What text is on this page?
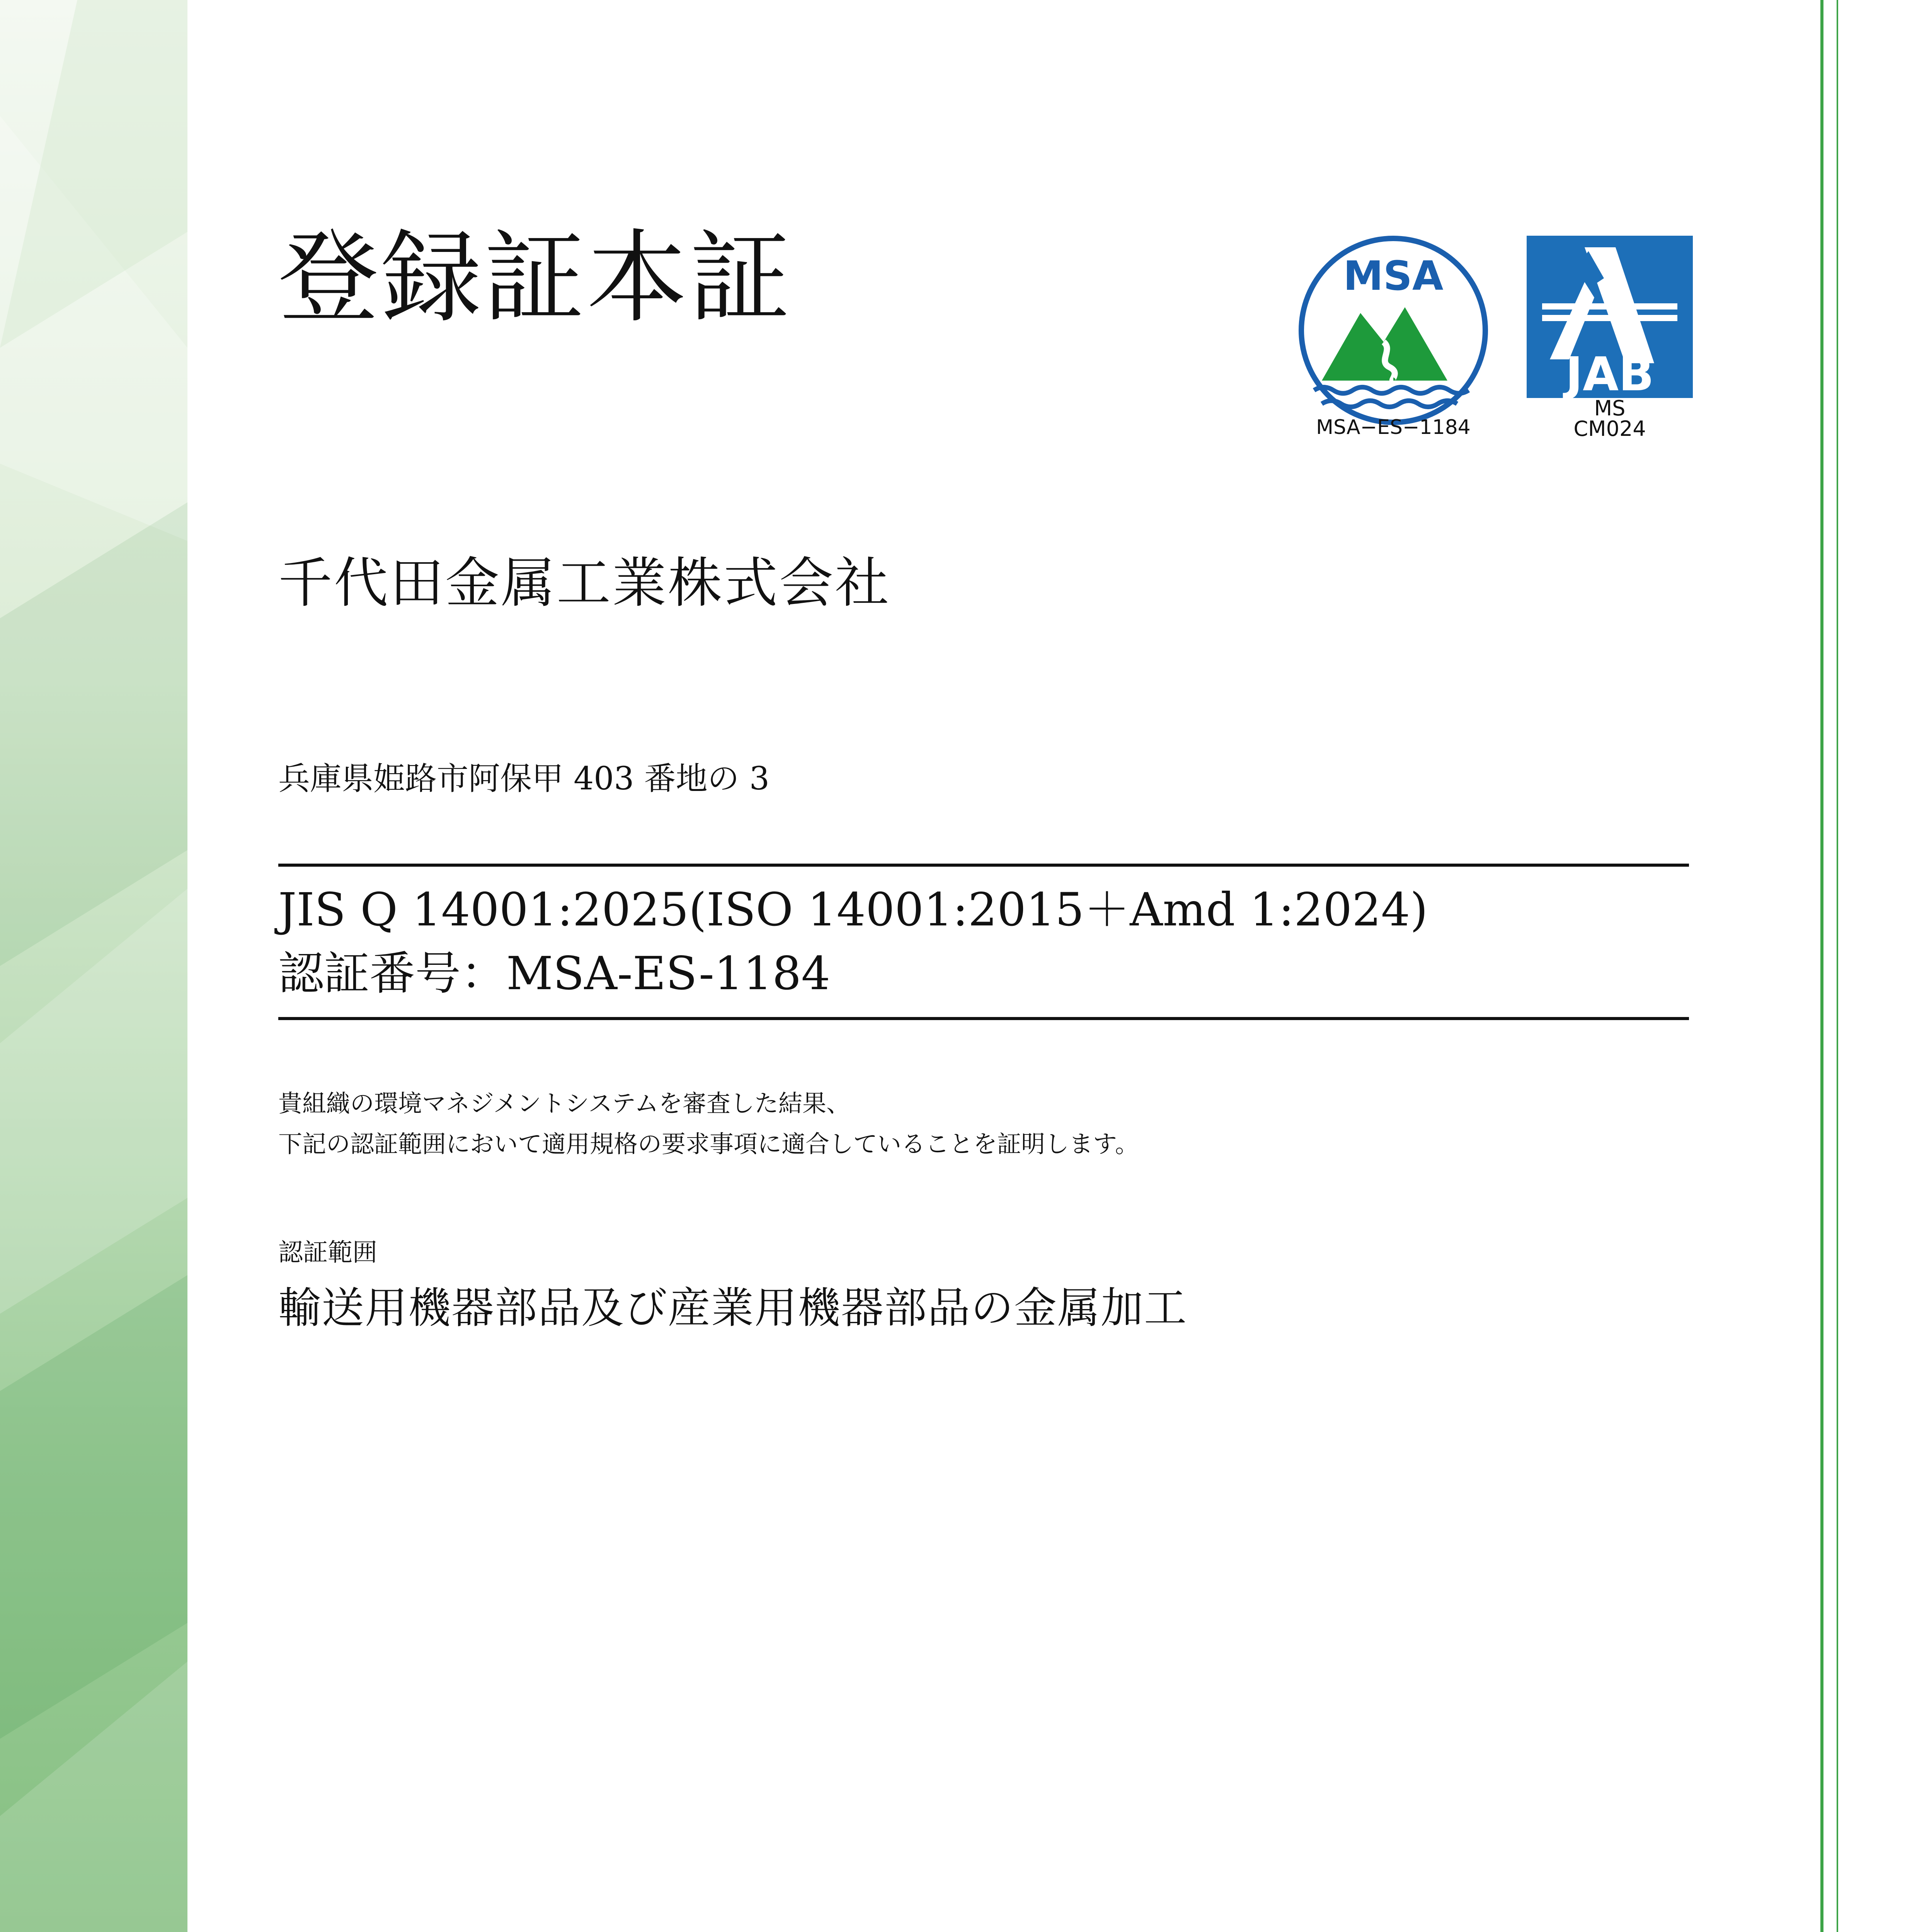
登録証本証	MSA
MSA−ES−1184
JAB
MS
CM024
千代田金属工業株式会社
兵庫県姫路市阿保甲 403 番地の 3
JIS Q 14001:2025(ISO 14001:2015＋Amd 1:2024)
認証番号：MSA-ES-1184
貴組織の環境マネジメントシステムを審査した結果、
下記の認証範囲において適用規格の要求事項に適合していることを証明します。
認証範囲
輸送用機器部品及び産業用機器部品の金属加工
